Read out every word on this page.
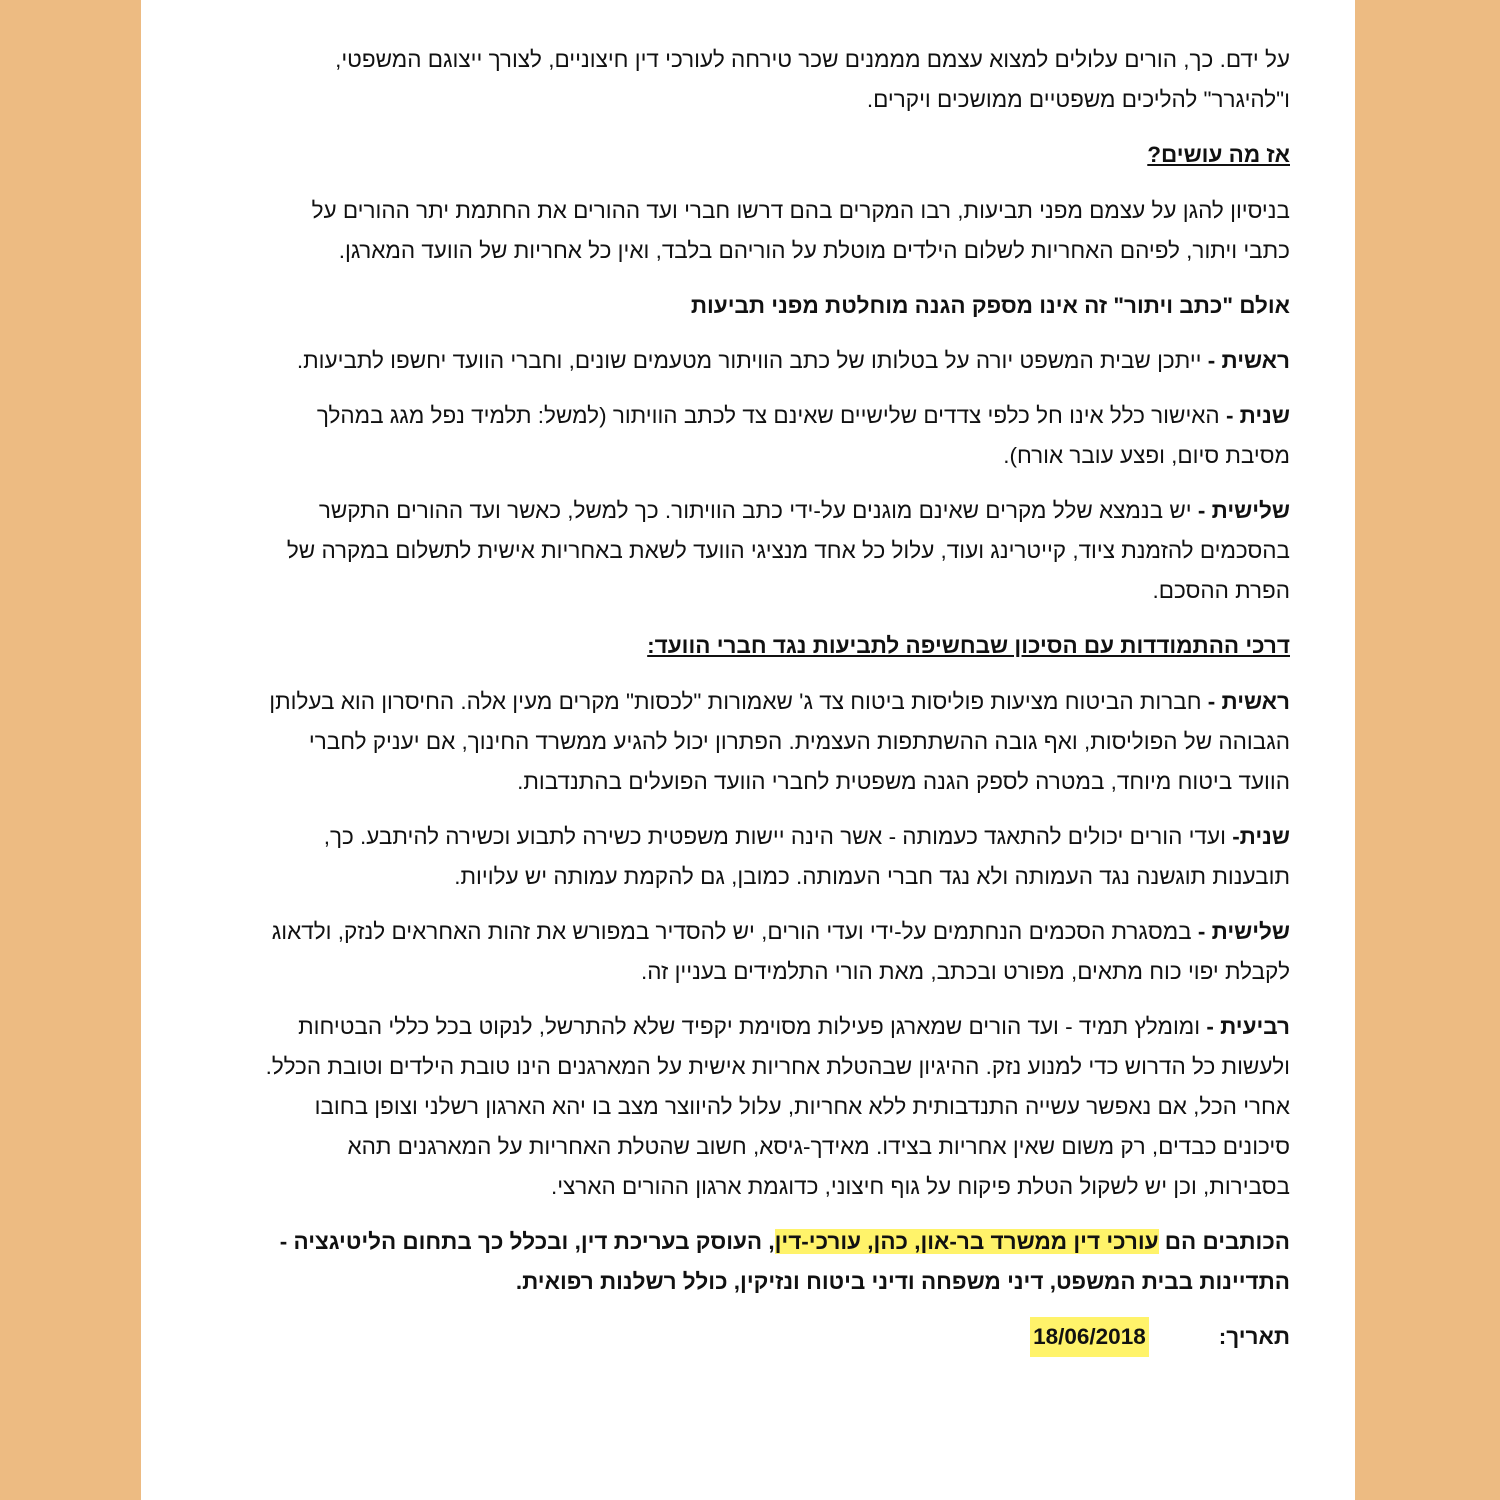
על ידם. כך, הורים עלולים למצוא עצמם מממנים שכר טירחה לעורכי דין חיצוניים, לצורך ייצוגם המשפטי, ו"להיגרר" להליכים משפטיים ממושכים ויקרים.

אז מה עושים?

בניסיון להגן על עצמם מפני תביעות, רבו המקרים בהם דרשו חברי ועד ההורים את החתמת יתר ההורים על כתבי ויתור, לפיהם האחריות לשלום הילדים מוטלת על הוריהם בלבד, ואין כל אחריות של הוועד המארגן.

אולם "כתב ויתור" זה אינו מספק הגנה מוחלטת מפני תביעות

ראשית - ייתכן שבית המשפט יורה על בטלותו של כתב הוויתור מטעמים שונים, וחברי הוועד יחשפו לתביעות.

שנית - האישור כלל אינו חל כלפי צדדים שלישיים שאינם צד לכתב הוויתור (למשל: תלמיד נפל מגג במהלך מסיבת סיום, ופצע עובר אורח).

שלישית - יש בנמצא שלל מקרים שאינם מוגנים על-ידי כתב הוויתור. כך למשל, כאשר ועד ההורים התקשר בהסכמים להזמנת ציוד, קייטרינג ועוד, עלול כל אחד מנציגי הוועד לשאת באחריות אישית לתשלום במקרה של הפרת ההסכם.

דרכי ההתמודדות עם הסיכון שבחשיפה לתביעות נגד חברי הוועד:

ראשית - חברות הביטוח מציעות פוליסות ביטוח צד ג' שאמורות "לכסות" מקרים מעין אלה. החיסרון הוא בעלותן הגבוהה של הפוליסות, ואף גובה ההשתתפות העצמית. הפתרון יכול להגיע ממשרד החינוך, אם יעניק לחברי הוועד ביטוח מיוחד, במטרה לספק הגנה משפטית לחברי הוועד הפועלים בהתנדבות.

שנית- ועדי הורים יכולים להתאגד כעמותה - אשר הינה יישות משפטית כשירה לתבוע וכשירה להיתבע. כך, תובענות תוגשנה נגד העמותה ולא נגד חברי העמותה. כמובן, גם להקמת עמותה יש עלויות.

שלישית - במסגרת הסכמים הנחתמים על-ידי ועדי הורים, יש להסדיר במפורש את זהות האחראים לנזק, ולדאוג לקבלת יפוי כוח מתאים, מפורט ובכתב, מאת הורי התלמידים בעניין זה.

רביעית - ומומלץ תמיד - ועד הורים שמארגן פעילות מסוימת יקפיד שלא להתרשל, לנקוט בכל כללי הבטיחות ולעשות כל הדרוש כדי למנוע נזק. ההיגיון שבהטלת אחריות אישית על המארגנים הינו טובת הילדים וטובת הכלל. אחרי הכל, אם נאפשר עשייה התנדבותית ללא אחריות, עלול להיווצר מצב בו יהא הארגון רשלני וצופן בחובו סיכונים כבדים, רק משום שאין אחריות בצידו. מאידך-גיסא, חשוב שהטלת האחריות על המארגנים תהא בסבירות, וכן יש לשקול הטלת פיקוח על גוף חיצוני, כדוגמת ארגון ההורים הארצי.

הכותבים הם עורכי דין ממשרד בר-און, כהן, עורכי-דין, העוסק בעריכת דין, ובכלל כך בתחום הליטיגציה - התדיינות בבית המשפט, דיני משפחה ודיני ביטוח ונזיקין, כולל רשלנות רפואית.

תאריך:
18/06/2018
